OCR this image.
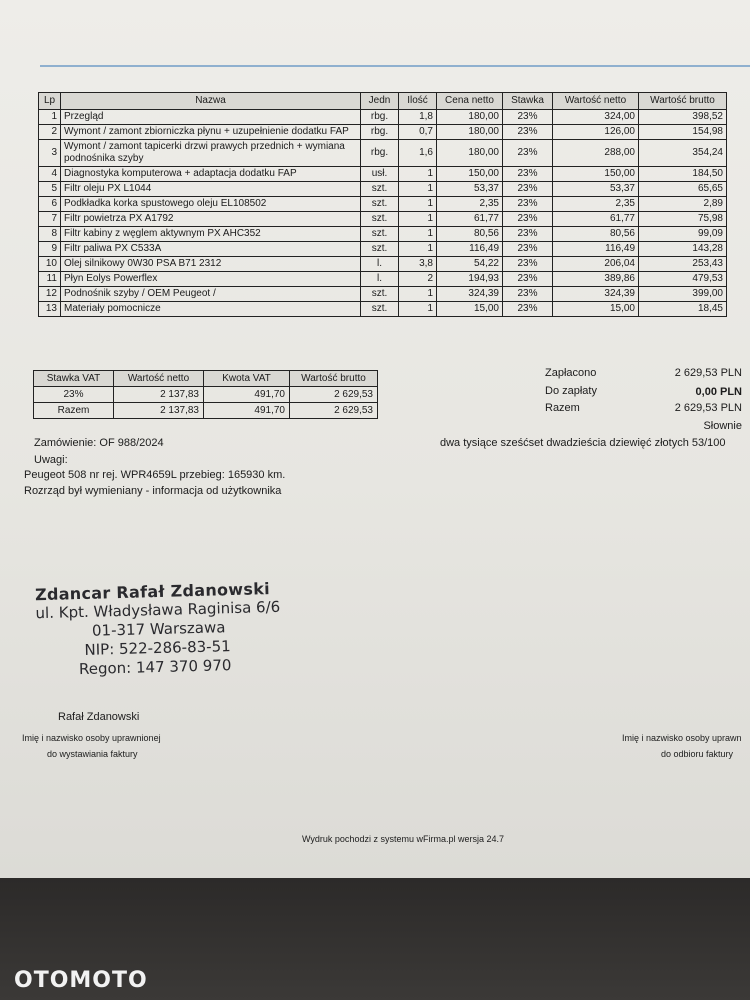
Lp	Nazwa	Jedn	Ilość	Cena netto	Stawka	Wartość netto	Wartość brutto
1	Przegląd	rbg.	1,8	180,00	23%	324,00	398,52
2	Wymont / zamont zbiorniczka płynu + uzupełnienie dodatku FAP	rbg.	0,7	180,00	23%	126,00	154,98
3	Wymont / zamont tapicerki drzwi prawych przednich + wymiana podnośnika szyby	rbg.	1,6	180,00	23%	288,00	354,24
4	Diagnostyka komputerowa + adaptacja dodatku FAP	usł.	1	150,00	23%	150,00	184,50
5	Filtr oleju PX L1044	szt.	1	53,37	23%	53,37	65,65
6	Podkładka korka spustowego oleju EL108502	szt.	1	2,35	23%	2,35	2,89
7	Filtr powietrza PX A1792	szt.	1	61,77	23%	61,77	75,98
8	Filtr kabiny z węglem aktywnym PX AHC352	szt.	1	80,56	23%	80,56	99,09
9	Filtr paliwa PX C533A	szt.	1	116,49	23%	116,49	143,28
10	Olej silnikowy 0W30 PSA B71 2312	l.	3,8	54,22	23%	206,04	253,43
11	Płyn Eolys Powerflex	l.	2	194,93	23%	389,86	479,53
12	Podnośnik szyby / OEM Peugeot /	szt.	1	324,39	23%	324,39	399,00
13	Materiały pomocnicze	szt.	1	15,00	23%	15,00	18,45
Stawka VAT	Wartość netto	Kwota VAT	Wartość brutto
23%	2 137,83	491,70	2 629,53
Razem	2 137,83	491,70	2 629,53
Zapłacono	2 629,53 PLN
Do zapłaty	0,00 PLN
Razem	2 629,53 PLN
Słownie
dwa tysiące sześćset dwadzieścia dziewięć złotych 53/100
Zamówienie: OF 988/2024
Uwagi:
Peugeot 508 nr rej. WPR4659L przebieg: 165930 km.
Rozrząd był wymieniany - informacja od użytkownika
Zdancar Rafał Zdanowski
ul. Kpt. Władysława Raginisa 6/6
01-317 Warszawa
NIP: 522-286-83-51
Regon: 147 370 970
Rafał Zdanowski
Imię i nazwisko osoby uprawnionej
do wystawiania faktury
Imię i nazwisko osoby uprawn
do odbioru faktury
Wydruk pochodzi z systemu wFirma.pl wersja 24.7
OTOMOTO
